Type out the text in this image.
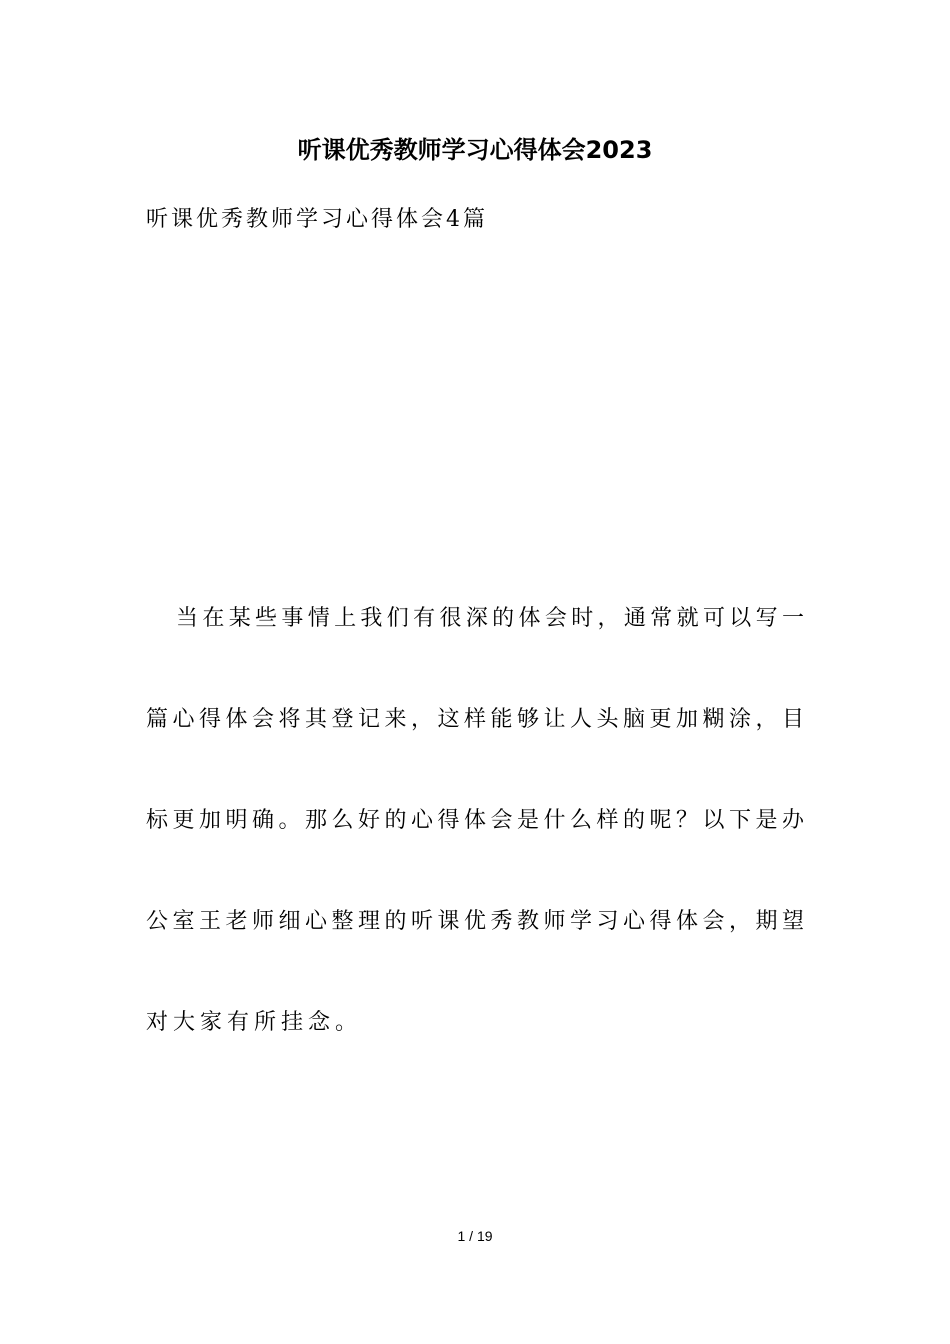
听课优秀教师学习心得体会2023
听课优秀教师学习心得体会4篇
当在某些事情上我们有很深的体会时，通常就可以写一
篇心得体会将其登记来，这样能够让人头脑更加糊涂，目
标更加明确。那么好的心得体会是什么样的呢？以下是办
公室王老师细心整理的听课优秀教师学习心得体会，期望
对大家有所挂念。
1 / 19
